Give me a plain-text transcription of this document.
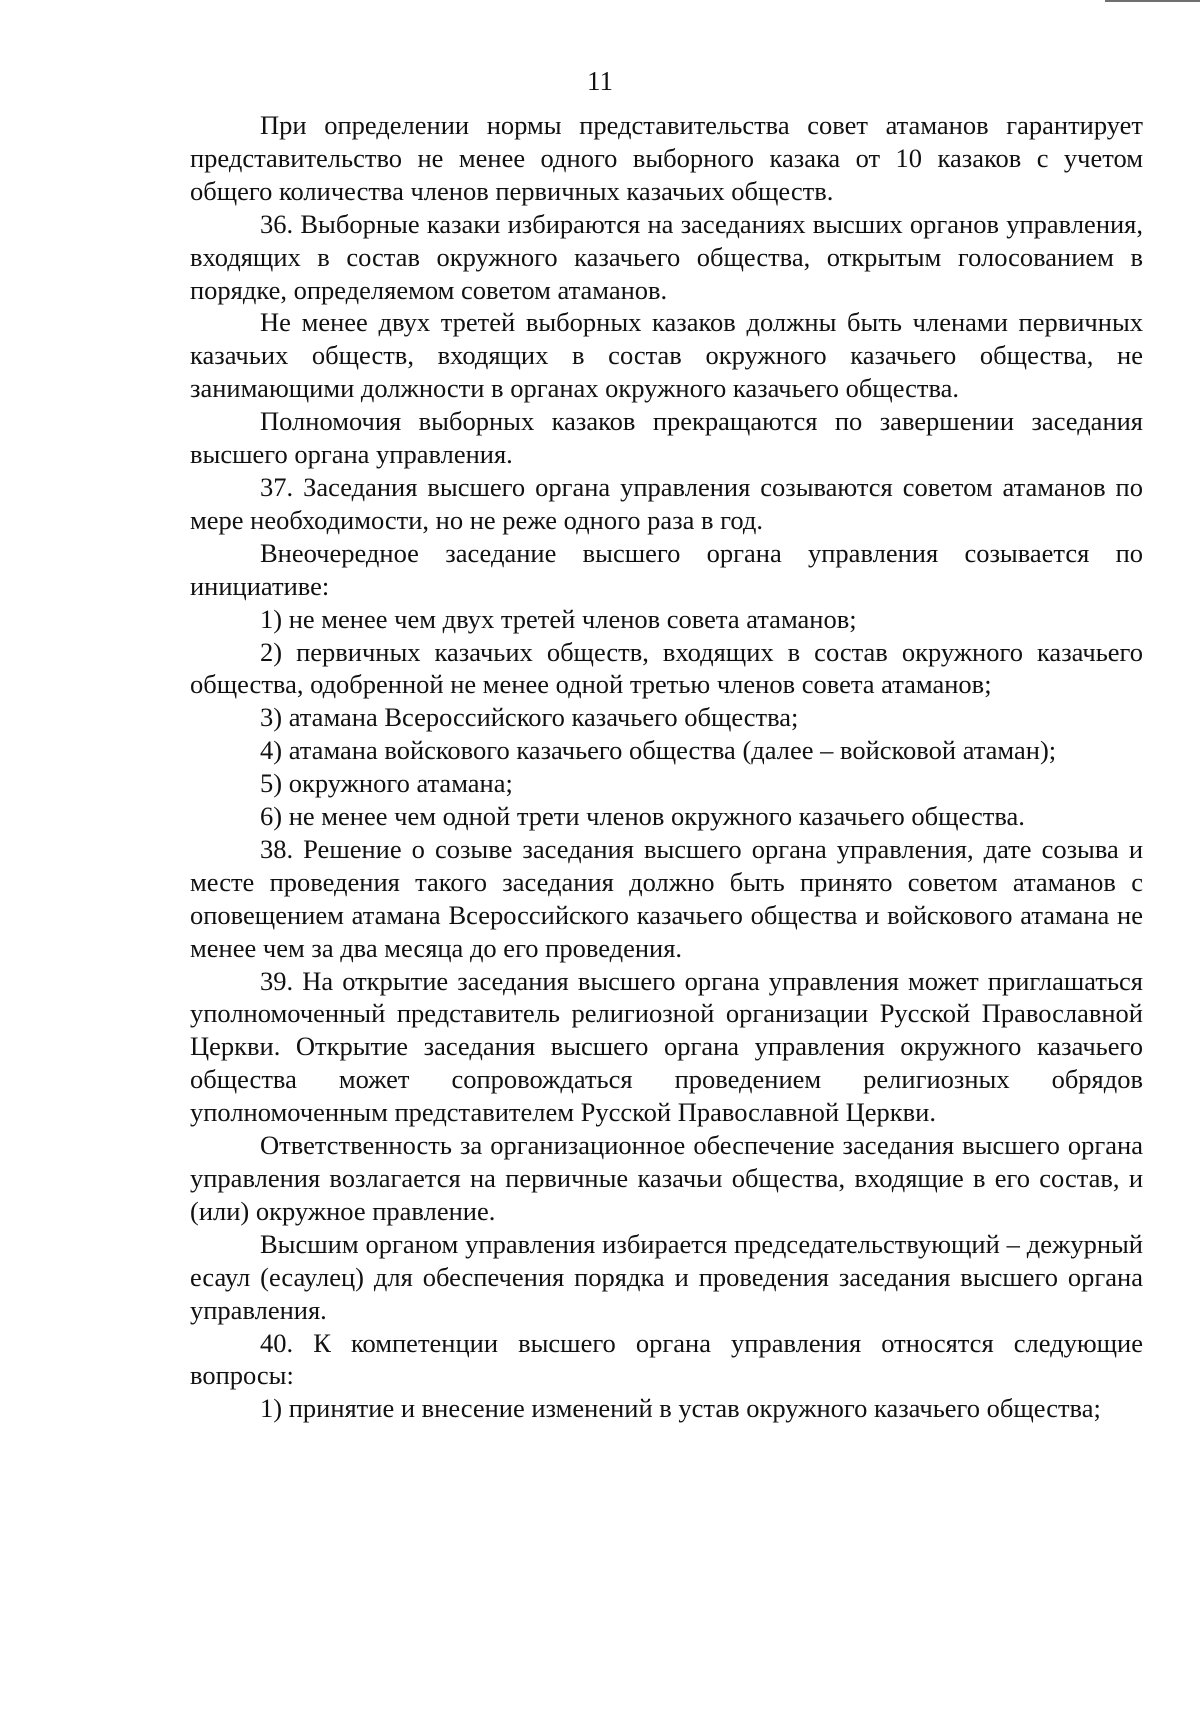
11

При определении нормы представительства совет атаманов гарантирует представительство не менее одного выборного казака от 10 казаков с учетом общего количества членов первичных казачьих обществ.

36. Выборные казаки избираются на заседаниях высших органов управления, входящих в состав окружного казачьего общества, открытым голосованием в порядке, определяемом советом атаманов.

Не менее двух третей выборных казаков должны быть членами первичных казачьих обществ, входящих в состав окружного казачьего общества, не занимающими должности в органах окружного казачьего общества.

Полномочия выборных казаков прекращаются по завершении заседания высшего органа управления.

37. Заседания высшего органа управления созываются советом атаманов по мере необходимости, но не реже одного раза в год.

Внеочередное заседание высшего органа управления созывается по инициативе:

1) не менее чем двух третей членов совета атаманов;

2) первичных казачьих обществ, входящих в состав окружного казачьего общества, одобренной не менее одной третью членов совета атаманов;

3) атамана Всероссийского казачьего общества;

4) атамана войскового казачьего общества (далее – войсковой атаман);

5) окружного атамана;

6) не менее чем одной трети членов окружного казачьего общества.

38. Решение о созыве заседания высшего органа управления, дате созыва и месте проведения такого заседания должно быть принято советом атаманов с оповещением атамана Всероссийского казачьего общества и войскового атамана не менее чем за два месяца до его проведения.

39. На открытие заседания высшего органа управления может приглашаться уполномоченный представитель религиозной организации Русской Православной Церкви. Открытие заседания высшего органа управления окружного казачьего общества может сопровождаться проведением религиозных обрядов уполномоченным представителем Русской Православной Церкви.

Ответственность за организационное обеспечение заседания высшего органа управления возлагается на первичные казачьи общества, входящие в его состав, и (или) окружное правление.

Высшим органом управления избирается председательствующий – дежурный есаул (есаулец) для обеспечения порядка и проведения заседания высшего органа управления.

40. К компетенции высшего органа управления относятся следующие вопросы:

1) принятие и внесение изменений в устав окружного казачьего общества;
